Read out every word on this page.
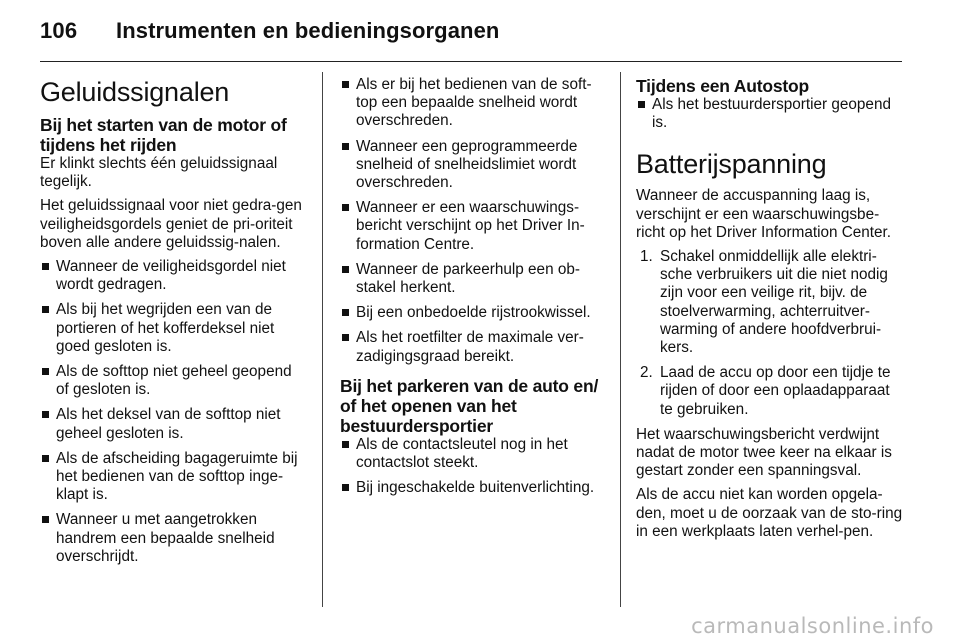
106 Instrumenten en bedieningsorganen
Geluidssignalen
Bij het starten van de motor of tijdens het rijden

Er klinkt slechts één geluidssignaal tegelijk.

Het geluidssignaal voor niet gedra-gen veiligheidsgordels geniet de pri-oriteit boven alle andere geluidssig-nalen.

Wanneer de veiligheidsgordel niet wordt gedragen.
Als bij het wegrijden een van de portieren of het kofferdeksel niet goed gesloten is.
Als de softtop niet geheel geopend of gesloten is.
Als het deksel van de softtop niet geheel gesloten is.
Als de afscheiding bagageruimte bij het bedienen van de softtop inge-klapt is.
Wanneer u met aangetrokken handrem een bepaalde snelheid overschrijdt.
Als er bij het bedienen van de soft-top een bepaalde snelheid wordt overschreden.
Wanneer een geprogrammeerde snelheid of snelheidslimiet wordt overschreden.
Wanneer er een waarschuwings-bericht verschijnt op het Driver In-formation Centre.
Wanneer de parkeerhulp een ob-stakel herkent.
Bij een onbedoelde rijstrookwissel.
Als het roetfilter de maximale ver-zadigingsgraad bereikt.
Bij het parkeren van de auto en/ of het openen van het bestuurdersportier
Als de contactsleutel nog in het contactslot steekt.
Bij ingeschakelde buitenverlichting.
Tijdens een Autostop
Als het bestuurdersportier geopend is.
Batterijspanning

Wanneer de accuspanning laag is, verschijnt er een waarschuwingsbe-richt op het Driver Information Center.

1. Schakel onmiddellijk alle elektri-sche verbruikers uit die niet nodig zijn voor een veilige rit, bijv. de stoelverwarming, achterruitver-warming of andere hoofdverbrui-kers.
2. Laad de accu op door een tijdje te rijden of door een oplaadapparaat te gebruiken.

Het waarschuwingsbericht verdwijnt nadat de motor twee keer na elkaar is gestart zonder een spanningsval.

Als de accu niet kan worden opgela-den, moet u de oorzaak van de sto-ring in een werkplaats laten verhel-pen.

carmanualsonline.info
